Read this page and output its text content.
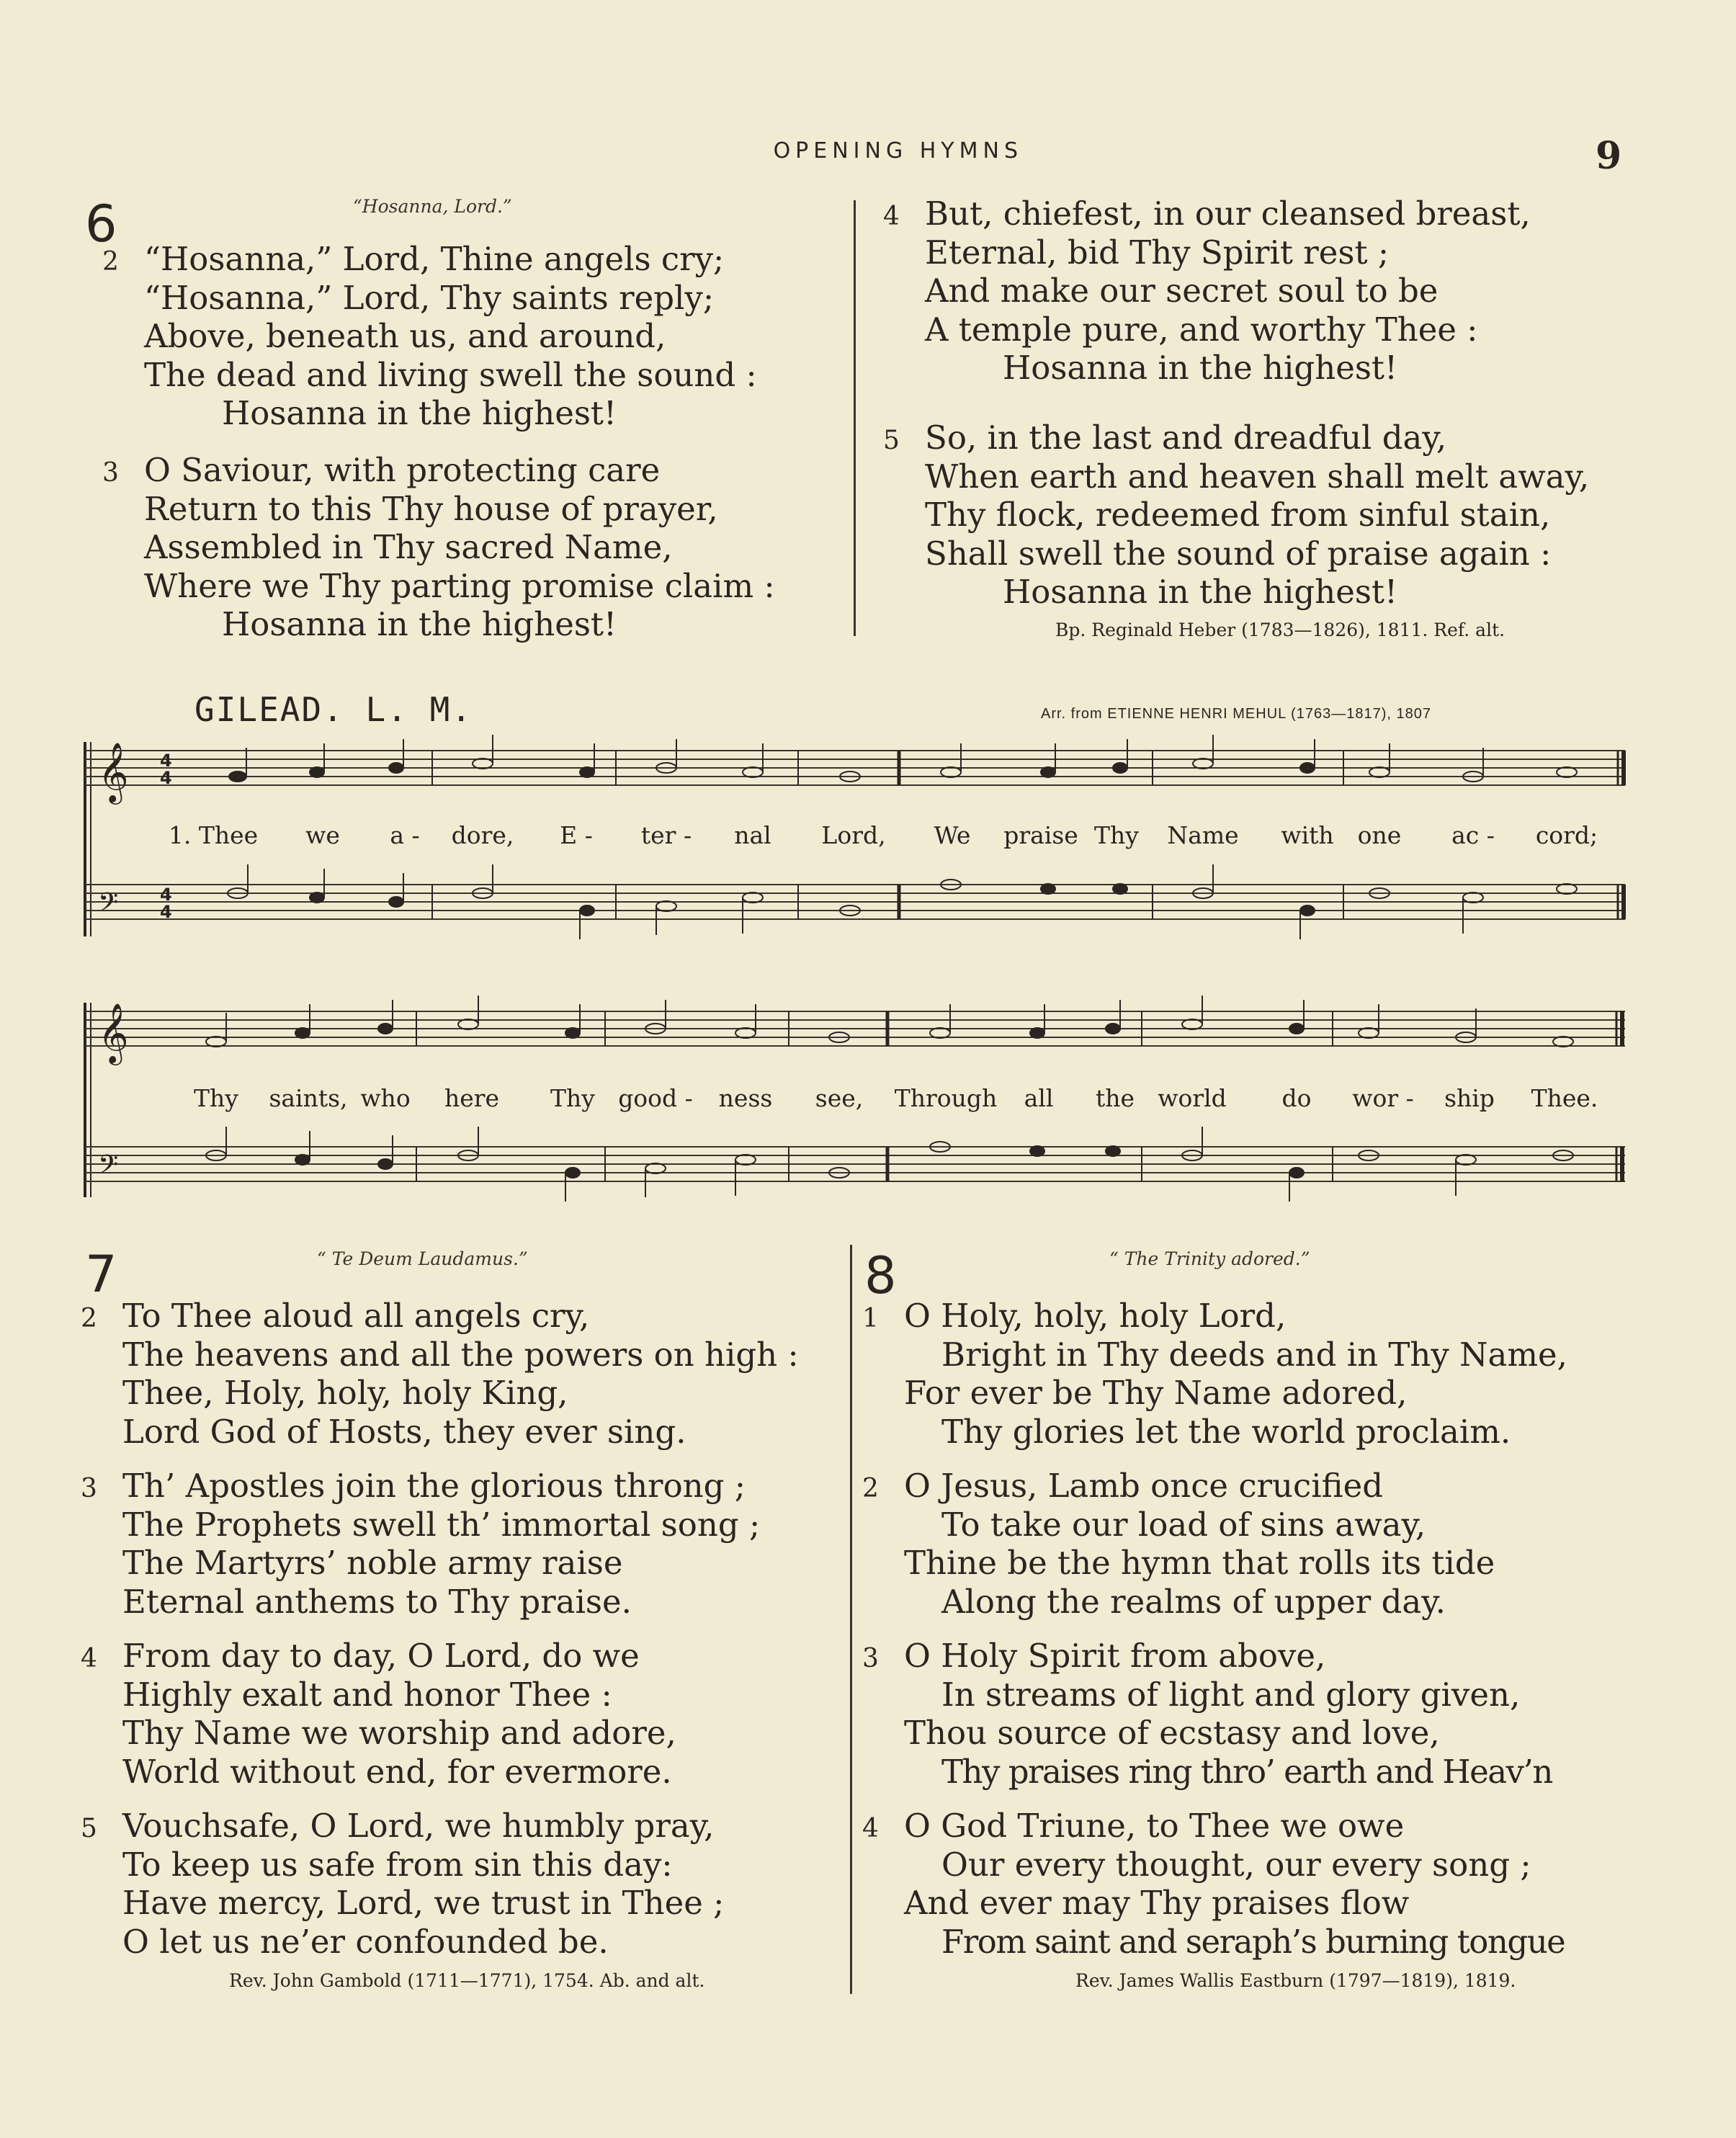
OPENING HYMNS	9
6	“Hosanna, Lord.”
2 “Hosanna,” Lord, Thine angels cry;
“Hosanna,” Lord, Thy saints reply;
Above, beneath us, and around,
The dead and living swell the sound :
Hosanna in the highest!
3 O Saviour, with protecting care
Return to this Thy house of prayer,
Assembled in Thy sacred Name,
Where we Thy parting promise claim :
Hosanna in the highest!
4 But, chiefest, in our cleansed breast,
Eternal, bid Thy Spirit rest ;
And make our secret soul to be
A temple pure, and worthy Thee :
Hosanna in the highest!
5 So, in the last and dreadful day,
When earth and heaven shall melt away,
Thy flock, redeemed from sinful stain,
Shall swell the sound of praise again :
Hosanna in the highest!
Bp. Reginald Heber (1783—1826), 1811. Ref. alt.
GILEAD. L. M.	Arr. from ETIENNE HENRI MEHUL (1763—1817), 1807
𝄞
𝄢
4
4
4
4
1. Thee we a - dore, E - ter - nal Lord, We praise Thy Name with one ac - cord;
𝄞
𝄢
Thy saints, who here Thy good - ness see, Through all the world do wor - ship Thee.
7	“ Te Deum Laudamus.”
2 To Thee aloud all angels cry,
The heavens and all the powers on high :
Thee, Holy, holy, holy King,
Lord God of Hosts, they ever sing.
3 Th’ Apostles join the glorious throng ;
The Prophets swell th’ immortal song ;
The Martyrs’ noble army raise
Eternal anthems to Thy praise.
4 From day to day, O Lord, do we
Highly exalt and honor Thee :
Thy Name we worship and adore,
World without end, for evermore.
5 Vouchsafe, O Lord, we humbly pray,
To keep us safe from sin this day:
Have mercy, Lord, we trust in Thee ;
O let us ne’er confounded be.
Rev. John Gambold (1711—1771), 1754. Ab. and alt.
8	“ The Trinity adored.”
1 O Holy, holy, holy Lord,
Bright in Thy deeds and in Thy Name,
For ever be Thy Name adored,
Thy glories let the world proclaim.
2 O Jesus, Lamb once crucified
To take our load of sins away,
Thine be the hymn that rolls its tide
Along the realms of upper day.
3 O Holy Spirit from above,
In streams of light and glory given,
Thou source of ecstasy and love,
Thy praises ring thro’ earth and Heav’n
4 O God Triune, to Thee we owe
Our every thought, our every song ;
And ever may Thy praises flow
From saint and seraph’s burning tongue
Rev. James Wallis Eastburn (1797—1819), 1819.
